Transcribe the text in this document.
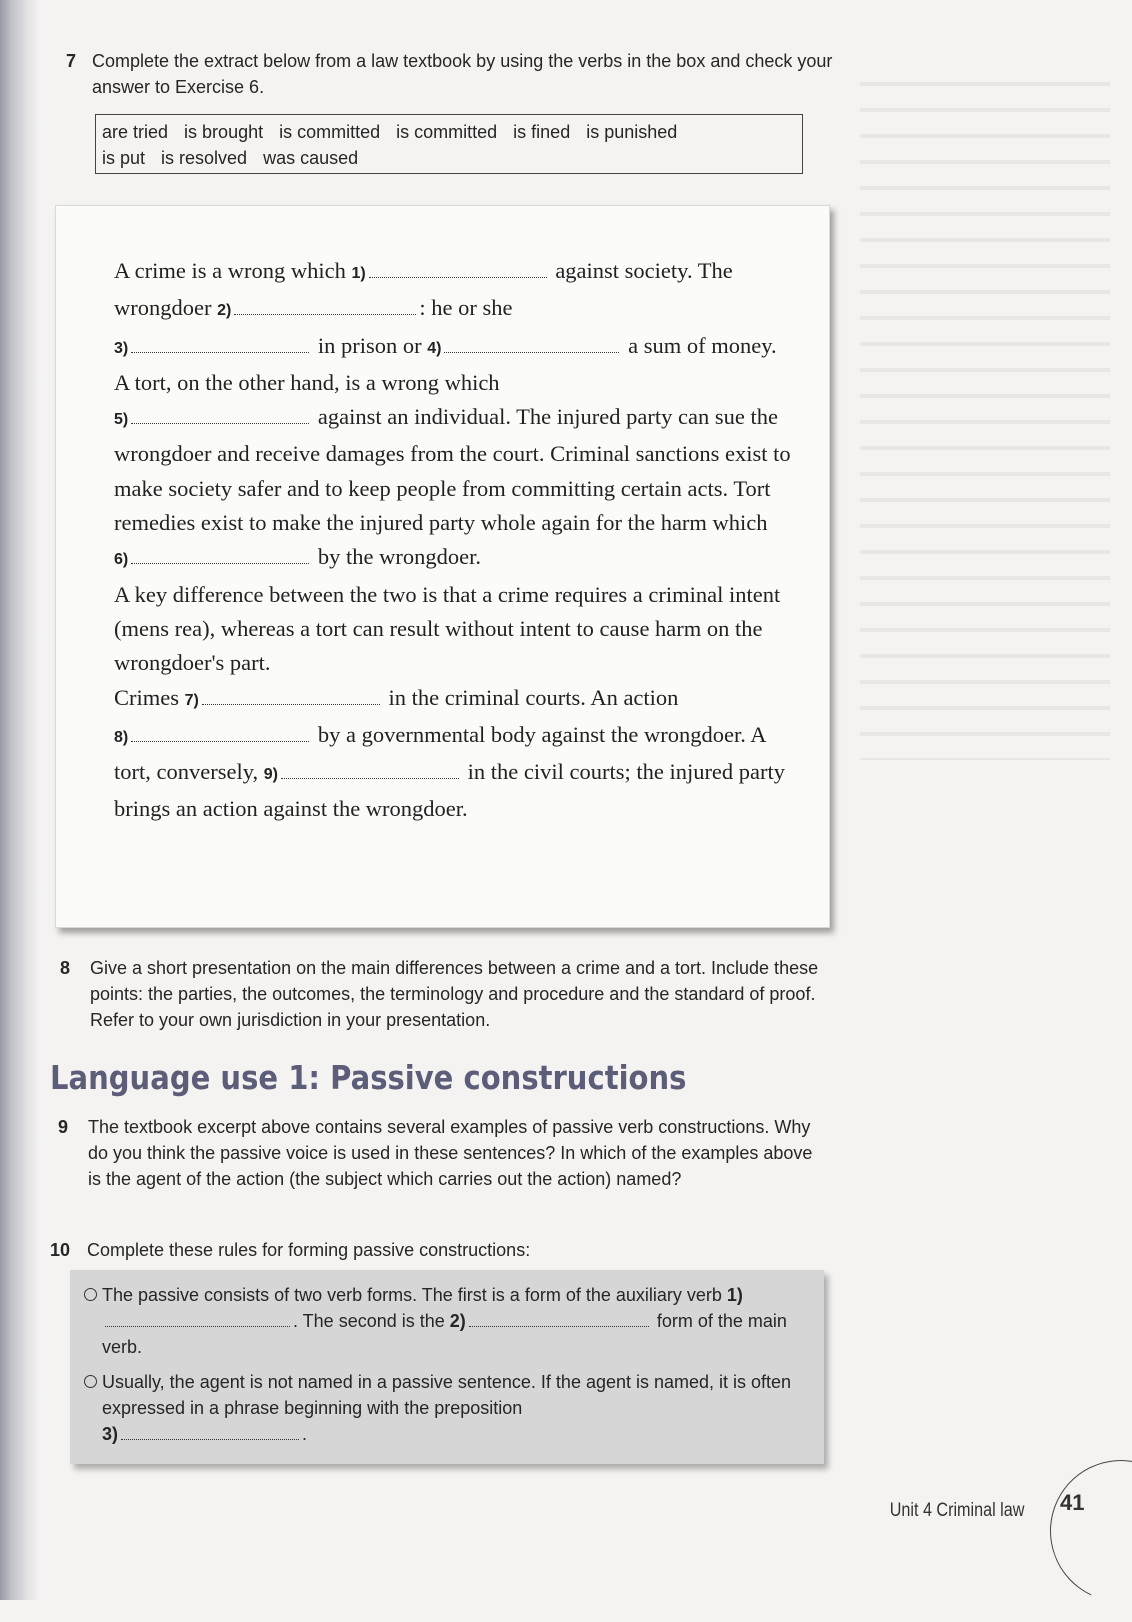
7 Complete the extract below from a law textbook by using the verbs in the box and check your answer to Exercise 6.
are tried is brought is committed is committed is fined is punished
is put is resolved was caused
A crime is a wrong which 1)	against society. The wrongdoer 2)	: he or she
3)	in prison or 4)	a sum of money. A tort, on the other hand, is a wrong which
5)	against an individual. The injured party can sue the wrongdoer and receive damages from the court. Criminal sanctions exist to make society safer and to keep people from committing certain acts. Tort remedies exist to make the injured party whole again for the harm which
6)	by the wrongdoer.
A key difference between the two is that a crime requires a criminal intent (mens rea), whereas a tort can result without intent to cause harm on the wrongdoer's part.
Crimes 7)	in the criminal courts. An action
8)	by a governmental body against the wrongdoer. A tort, conversely, 9)	in the civil courts; the injured party brings an action against the wrongdoer.
8	Give a short presentation on the main differences between a crime and a tort. Include these points: the parties, the outcomes, the terminology and procedure and the standard of proof. Refer to your own jurisdiction in your presentation.
Language use 1: Passive constructions
9	The textbook excerpt above contains several examples of passive verb constructions. Why do you think the passive voice is used in these sentences? In which of the examples above is the agent of the action (the subject which carries out the action) named?
10 Complete these rules for forming passive constructions:
The passive consists of two verb forms. The first is a form of the auxiliary verb 1). The second is the 2)	form of the main verb.
Usually, the agent is not named in a passive sentence. If the agent is named, it is often expressed in a phrase beginning with the preposition
3)	.
Unit 4 Criminal law 41
